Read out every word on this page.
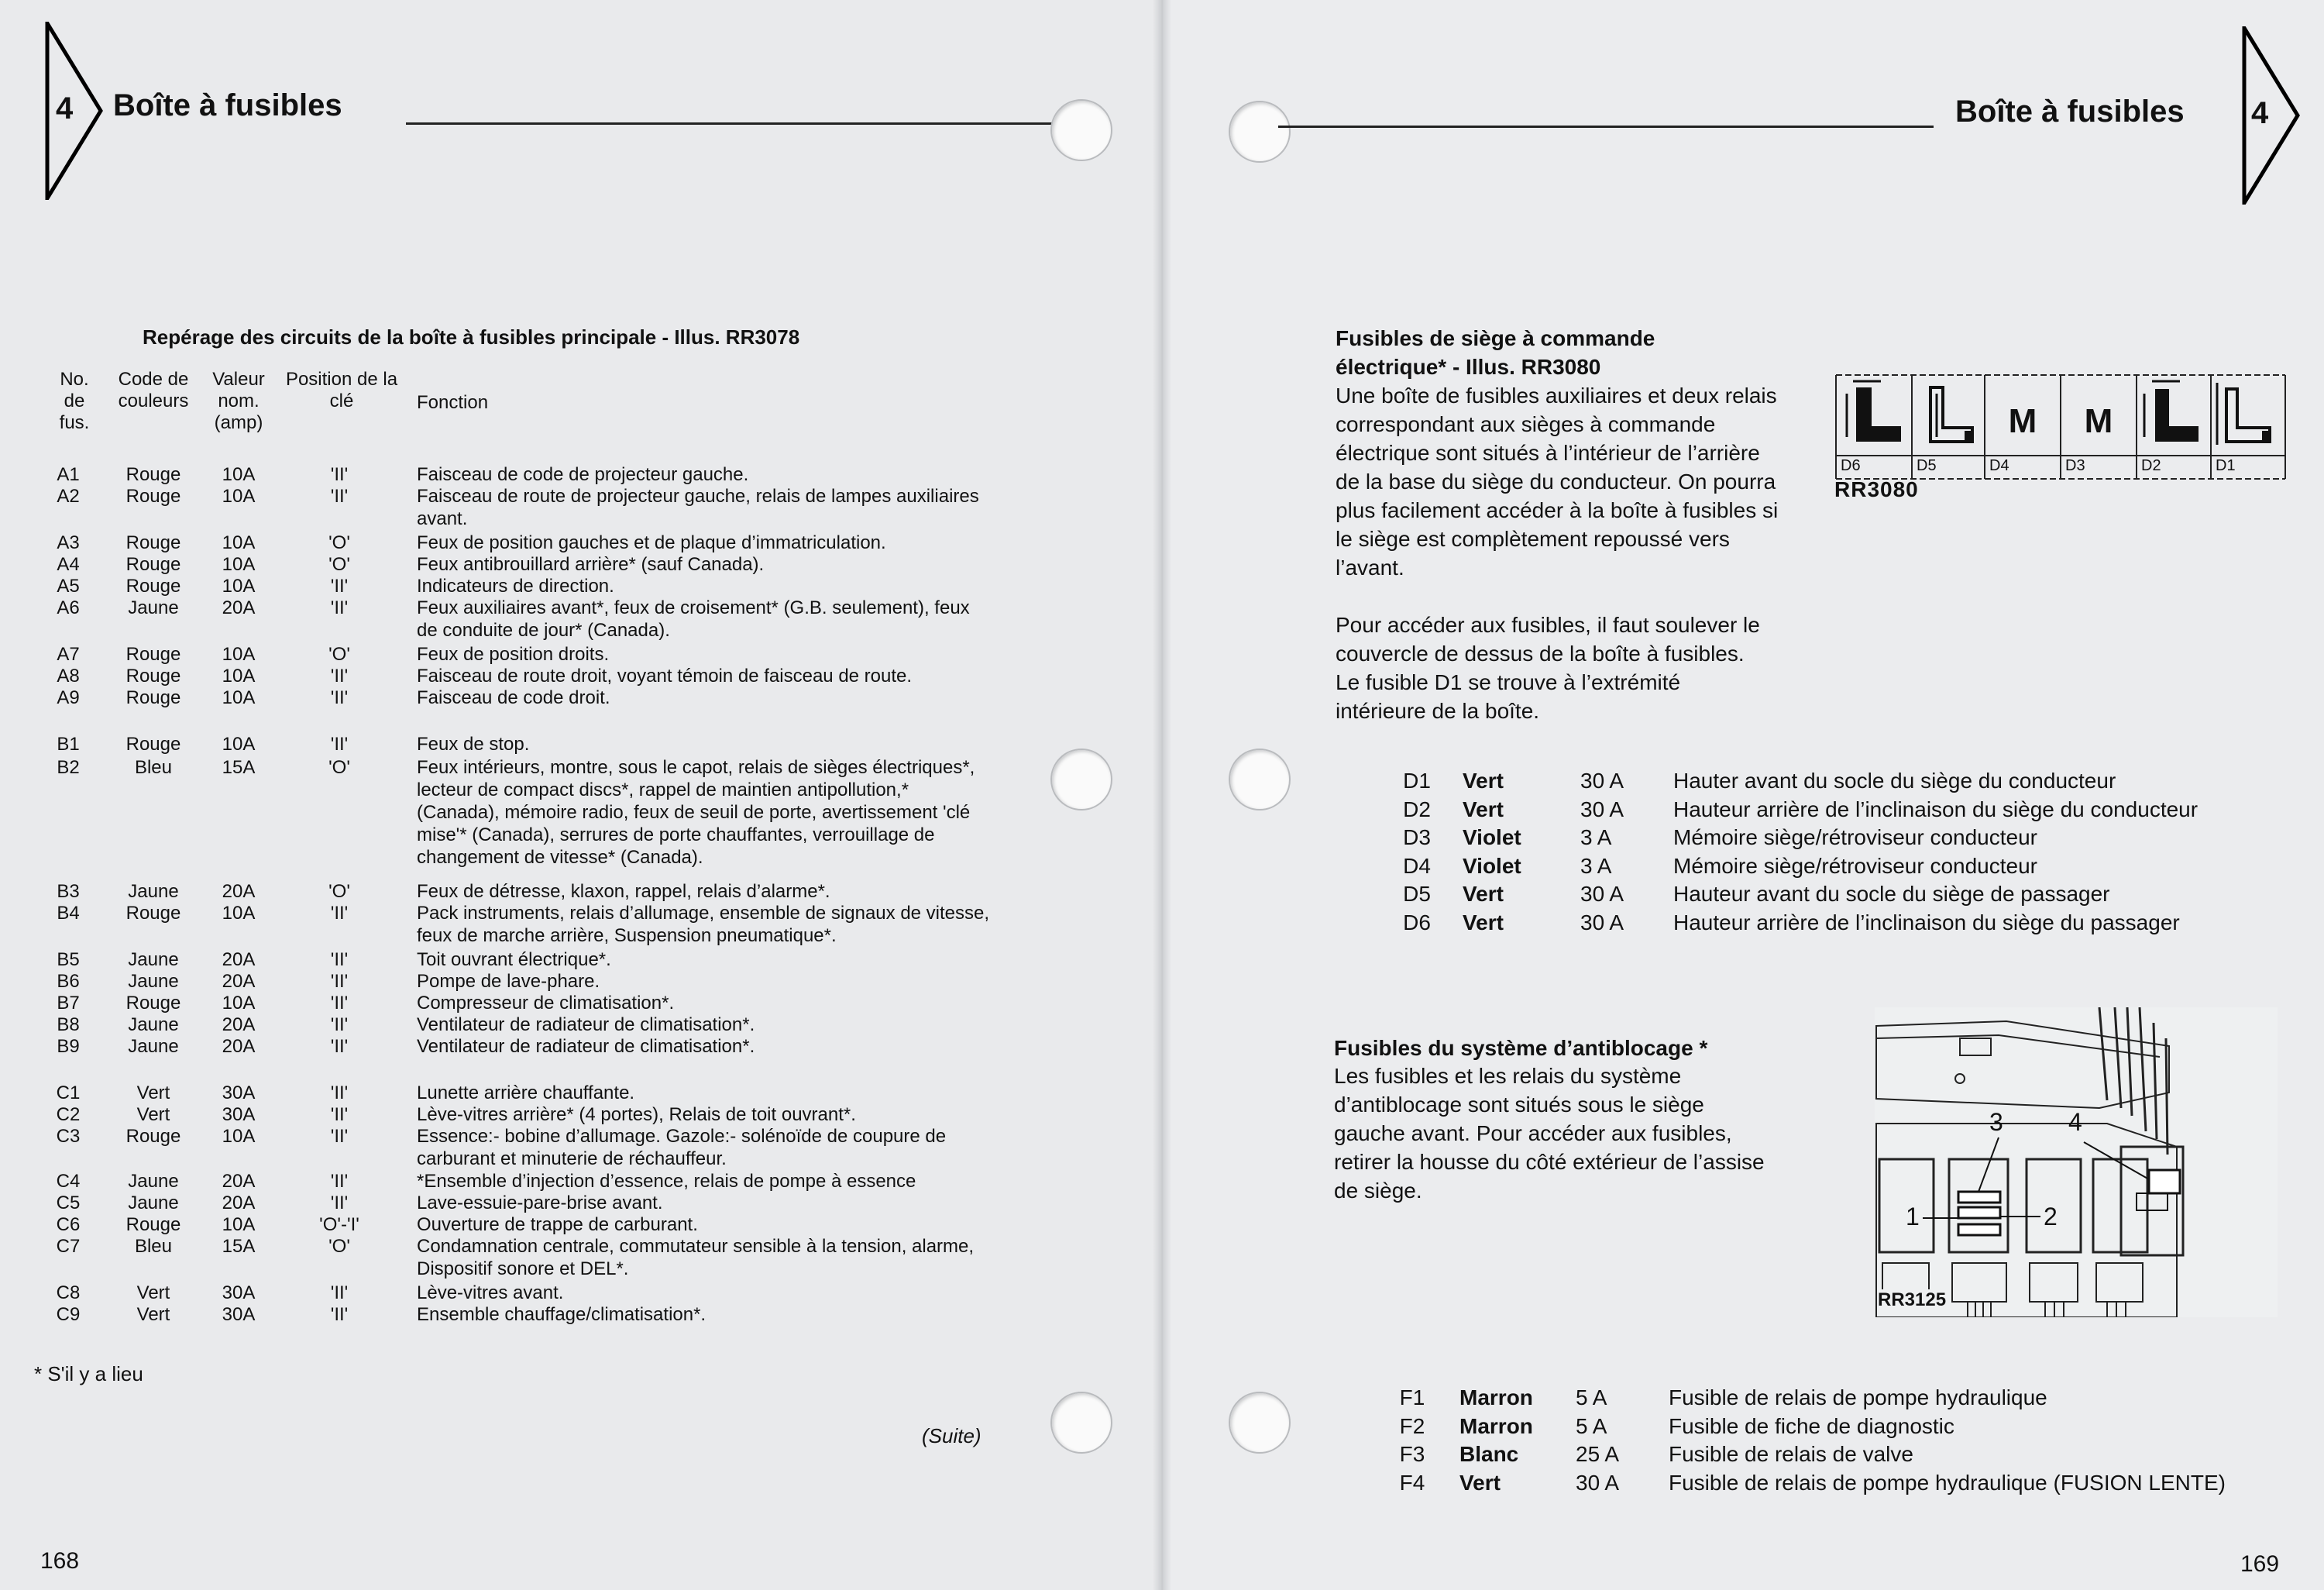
4 Boîte à fusibles
Repérage des circuits de la boîte à fusibles principale - Illus. RR3078
No. de fus.
Code de couleurs
Valeur nom. (amp)
Position de la clé	Fonction
A1	Rouge	10A	'II'	Faisceau de code de projecteur gauche.
A2	Rouge	10A	'II'	Faisceau de route de projecteur gauche, relais de lampes auxiliaires avant.
A3	Rouge	10A	'O'	Feux de position gauches et de plaque d’immatriculation.
A4	Rouge	10A	'O'	Feux antibrouillard arrière* (sauf Canada).
A5	Rouge	10A	'II'	Indicateurs de direction.
A6	Jaune	20A	'II'	Feux auxiliaires avant*, feux de croisement* (G.B. seulement), feux de conduite de jour* (Canada).
A7	Rouge	10A	'O'	Feux de position droits.
A8	Rouge	10A	'II'	Faisceau de route droit, voyant témoin de faisceau de route.
A9	Rouge	10A	'II'	Faisceau de code droit.
B1	Rouge	10A	'II'	Feux de stop.
B2	Bleu	15A	'O'	Feux intérieurs, montre, sous le capot, relais de sièges électriques*, lecteur de compact discs*, rappel de maintien antipollution,* (Canada), mémoire radio, feux de seuil de porte, avertissement 'clé mise'* (Canada), serrures de porte chauffantes, verrouillage de changement de vitesse* (Canada).
B3	Jaune	20A	'O'	Feux de détresse, klaxon, rappel, relais d’alarme*.
B4	Rouge	10A	'II'	Pack instruments, relais d’allumage, ensemble de signaux de vitesse, feux de marche arrière, Suspension pneumatique*.
B5	Jaune	20A	'II'	Toit ouvrant électrique*.
B6	Jaune	20A	'II'	Pompe de lave-phare.
B7	Rouge	10A	'II'	Compresseur de climatisation*.
B8	Jaune	20A	'II'	Ventilateur de radiateur de climatisation*.
B9	Jaune	20A	'II'	Ventilateur de radiateur de climatisation*.
C1	Vert	30A	'II'	Lunette arrière chauffante.
C2	Vert	30A	'II'	Lève-vitres arrière* (4 portes), Relais de toit ouvrant*.
C3	Rouge	10A	'II'	Essence:- bobine d’allumage. Gazole:- solénoïde de coupure de carburant et minuterie de réchauffeur.
C4	Jaune	20A	'II'	*Ensemble d’injection d’essence, relais de pompe à essence
C5	Jaune	20A	'II'	Lave-essuie-pare-brise avant.
C6	Rouge	10A	'O'-'I'	Ouverture de trappe de carburant.
C7	Bleu	15A	'O'	Condamnation centrale, commutateur sensible à la tension, alarme, Dispositif sonore et DEL*.
C8	Vert	30A	'II'	Lève-vitres avant.
C9	Vert	30A	'II'	Ensemble chauffage/climatisation*.
* S'il y a lieu
(Suite)
168
Boîte à fusibles 4
Fusibles de siège à commande électrique* - Illus. RR3080
Une boîte de fusibles auxiliaires et deux relais correspondant aux sièges à commande électrique sont situés à l’intérieur de l’arrière de la base du siège du conducteur. On pourra plus facilement accéder à la boîte à fusibles si le siège est complètement repoussé vers l’avant.
Pour accéder aux fusibles, il faut soulever le couvercle de dessus de la boîte à fusibles. Le fusible D1 se trouve à l’extrémité intérieure de la boîte.
M M
D6	D5	D4	D3	D2	D1
RR3080
D1	Vert	30 A Hauter avant du socle du siège du conducteur
D2	Vert	30 A Hauteur arrière de l’inclinaison du siège du conducteur
D3	Violet	3 A	Mémoire siège/rétroviseur conducteur
D4	Violet	3 A	Mémoire siège/rétroviseur conducteur
D5	Vert	30 A Hauteur avant du socle du siège de passager
D6	Vert	30 A Hauteur arrière de l’inclinaison du siège du passager
Fusibles du système d’antiblocage *
Les fusibles et les relais du système d’antiblocage sont situés sous le siège gauche avant. Pour accéder aux fusibles, retirer la housse du côté extérieur de l’assise de siège.
1	2
3	4
RR3125
F1	Marron 5 A	Fusible de relais de pompe hydraulique
F2	Marron 5 A	Fusible de fiche de diagnostic
F3	Blanc	25 A Fusible de relais de valve
F4	Vert	30 A Fusible de relais de pompe hydraulique (FUSION LENTE)
169
